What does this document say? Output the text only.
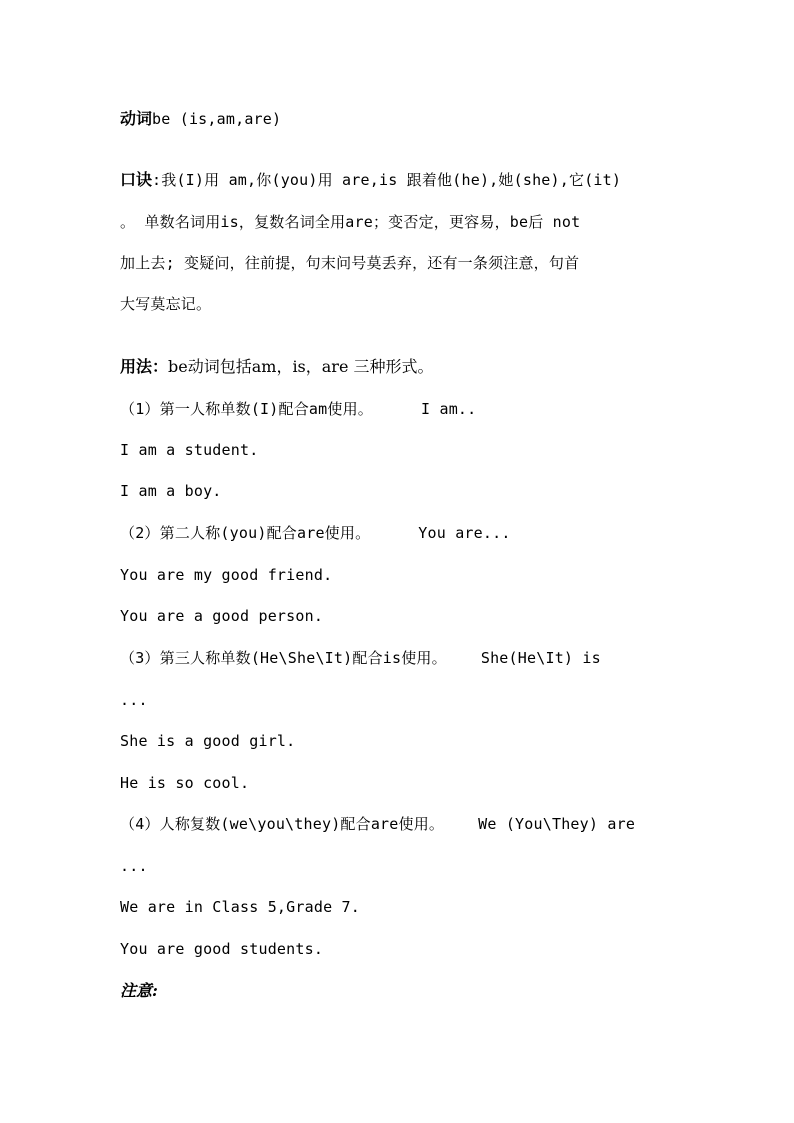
动词be (is,am,are)
口诀:我(I)用 am,你(you)用 are,is 跟着他(he),她(she),它(it)
。 单数名词用is，复数名词全用are；变否定，更容易，be后 not
加上去; 变疑问，往前提，句末问号莫丢弃，还有一条须注意，句首
大写莫忘记。
用法：be动词包括am，is，are 三种形式。
（1）第一人称单数(I)配合am使用。	I am..
I am a student.
I am a boy.
（2）第二人称(you)配合are使用。	You are...
You are my good friend.
You are a good person.
（3）第三人称单数(He\She\It)配合is使用。 She(He\It) is
...
She is a good girl.
He is so cool.
（4）人称复数(we\you\they)配合are使用。 We (You\They) are
...
We are in Class 5,Grade 7.
You are good students.
注意:
